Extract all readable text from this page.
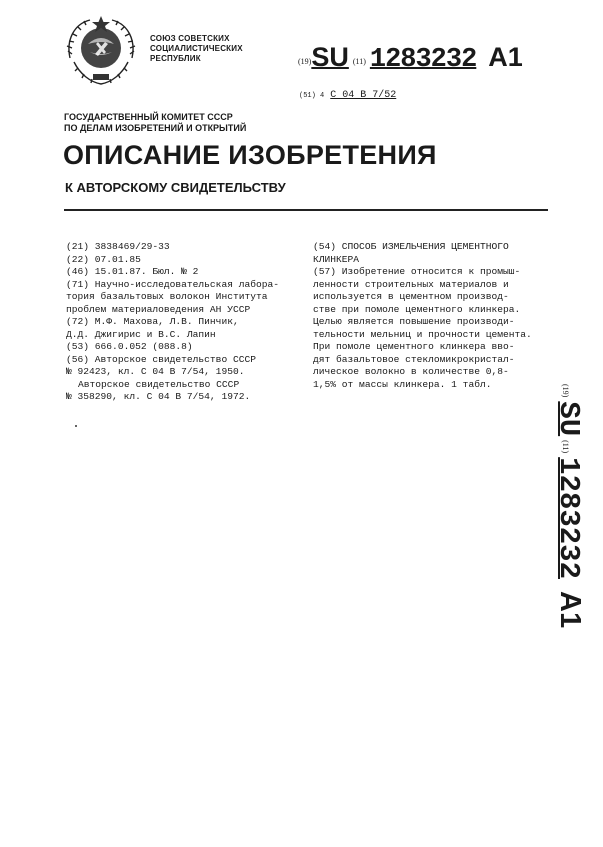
СОЮЗ СОВЕТСКИХ
СОЦИАЛИСТИЧЕСКИХ
РЕСПУБЛИК	(19)SU (11) 1283232 A1
(51) 4 С 04 В 7/52
ГОСУДАРСТВЕННЫЙ КОМИТЕТ СССР
ПО ДЕЛАМ ИЗОБРЕТЕНИЙ И ОТКРЫТИЙ
ОПИСАНИЕ ИЗОБРЕТЕНИЯ
К АВТОРСКОМУ СВИДЕТЕЛЬСТВУ
(21) 3838469/29-33
(22) 07.01.85
(46) 15.01.87. Бюл. № 2
(71) Научно-исследовательская лабора-
тория базальтовых волокон Института
проблем материаловедения АН УССР
(72) М.Ф. Махова, Л.В. Пинчик,
Д.Д. Джигирис и В.С. Лапин
(53) 666.0.052 (088.8)
(56) Авторское свидетельство СССР
№ 92423, кл. С 04 В 7/54, 1950.
Авторское свидетельство СССР
№ 358290, кл. С 04 В 7/54, 1972.
(54) СПОСОБ ИЗМЕЛЬЧЕНИЯ ЦЕМЕНТНОГО
КЛИНКЕРА
(57) Изобретение относится к промыш-
ленности строительных материалов и
используется в цементном производ-
стве при помоле цементного клинкера.
Целью является повышение производи-
тельности мельниц и прочности цемента.
При помоле цементного клинкера вво-
дят базальтовое стекломикрокристал-
лическое волокно в количестве 0,8-
1,5% от массы клинкера. 1 табл.	(19) SU (11) 1283232   A1
